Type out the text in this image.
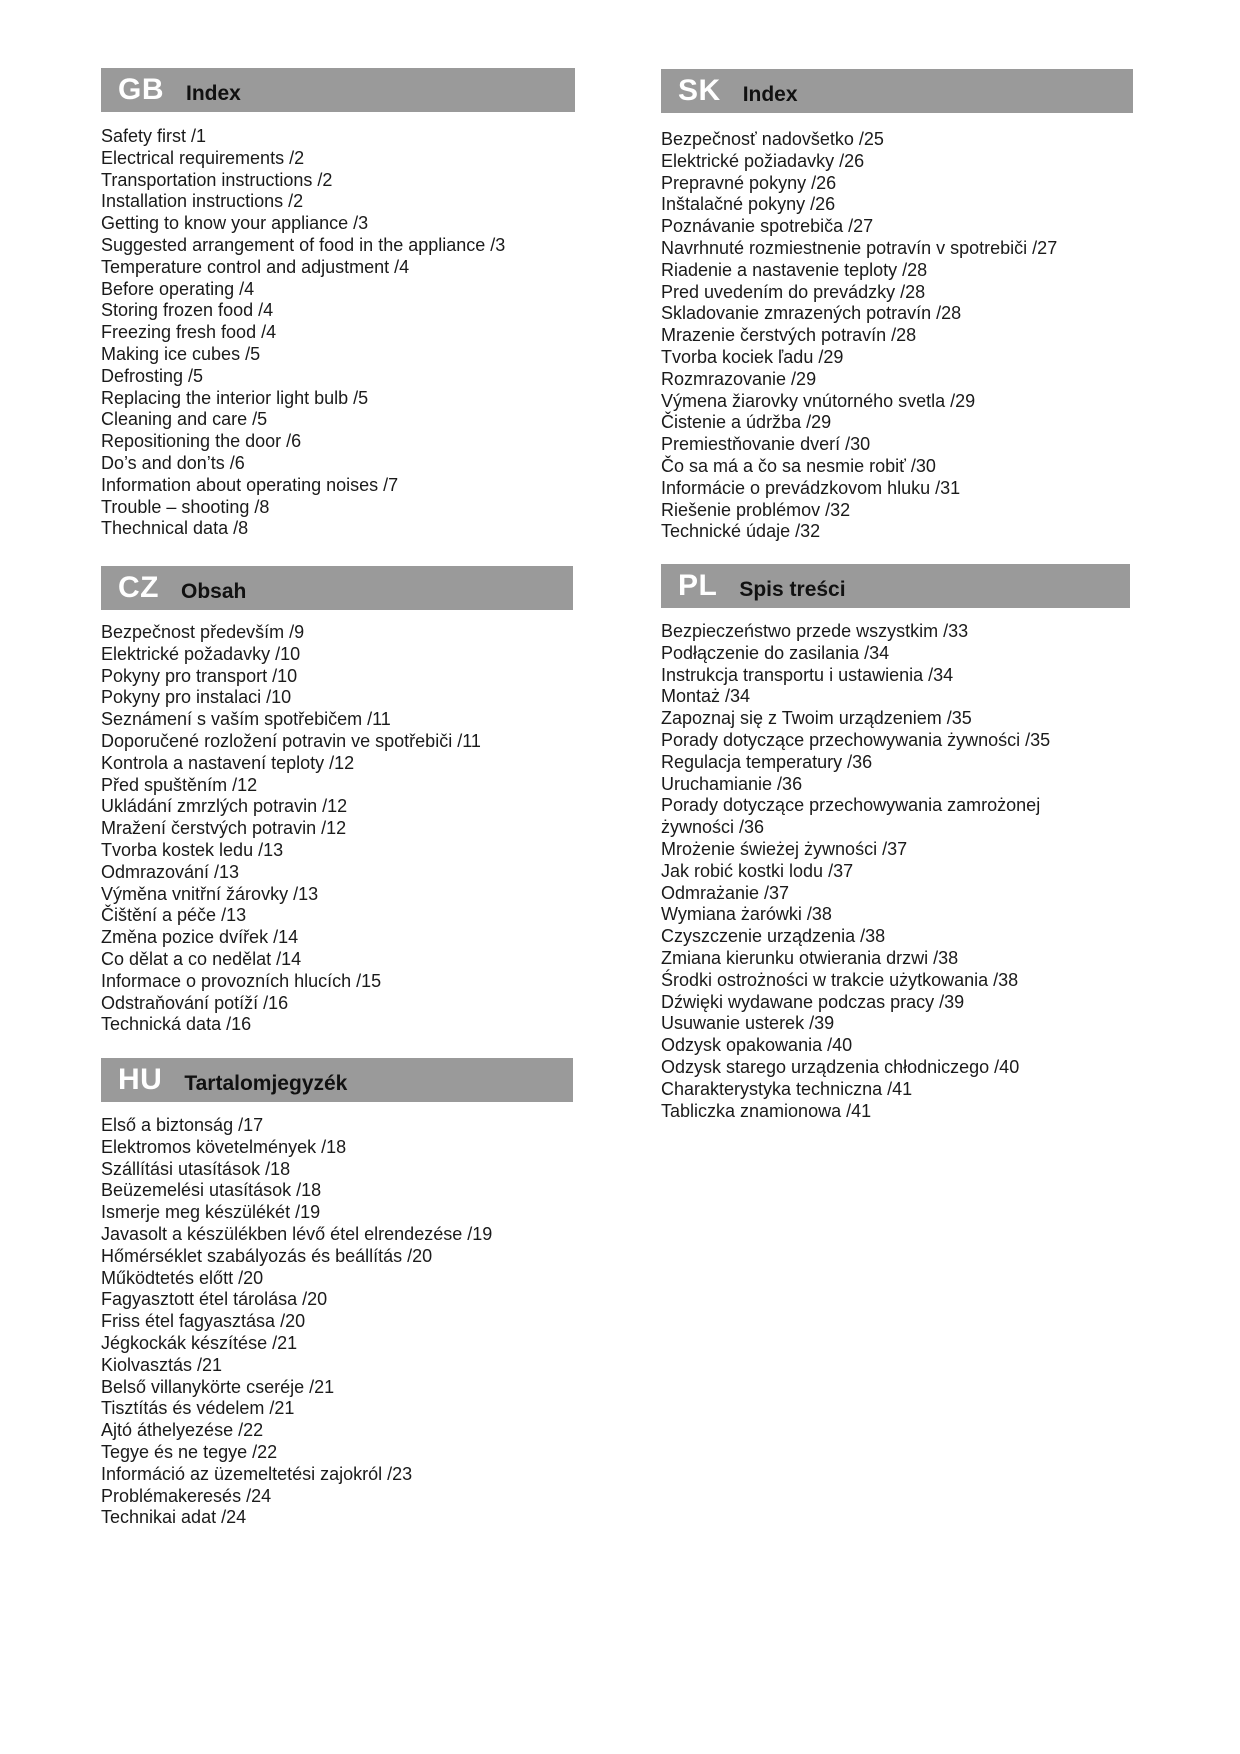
GB Index
Safety first /1
Electrical requirements /2
Transportation instructions /2
Installation instructions /2
Getting to know your appliance /3
Suggested arrangement of food in the appliance /3
Temperature control and adjustment /4
Before operating /4
Storing frozen food /4
Freezing fresh food /4
Making ice cubes /5
Defrosting /5
Replacing the interior light bulb /5
Cleaning and care /5
Repositioning the door /6
Do’s and don’ts /6
Information about operating noises /7
Trouble – shooting /8
Thechnical data /8
CZ Obsah
Bezpečnost především /9
Elektrické požadavky /10
Pokyny pro transport /10
Pokyny pro instalaci /10
Seznámení s vaším spotřebičem /11
Doporučené rozložení potravin ve spotřebiči /11
Kontrola a nastavení teploty /12
Před spuštěním /12
Ukládání zmrzlých potravin /12
Mražení čerstvých potravin /12
Tvorba kostek ledu /13
Odmrazování /13
Výměna vnitřní žárovky /13
Čištění a péče /13
Změna pozice dvířek /14
Co dělat a co nedělat /14
Informace o provozních hlucích /15
Odstraňování potíží /16
Technická data /16
HU Tartalomjegyzék
Első a biztonság /17
Elektromos követelmények /18
Szállítási utasítások /18
Beüzemelési utasítások /18
Ismerje meg készülékét /19
Javasolt a készülékben lévő étel elrendezése /19
Hőmérséklet szabályozás és beállítás /20
Működtetés előtt /20
Fagyasztott étel tárolása /20
Friss étel fagyasztása /20
Jégkockák készítése /21
Kiolvasztás /21
Belső villanykörte cseréje /21
Tisztítás és védelem /21
Ajtó áthelyezése /22
Tegye és ne tegye /22
Információ az üzemeltetési zajokról /23
Problémakeresés /24
Technikai adat /24
SK Index
Bezpečnosť nadovšetko /25
Elektrické požiadavky /26
Prepravné pokyny /26
Inštalačné pokyny /26
Poznávanie spotrebiča /27
Navrhnuté rozmiestnenie potravín v spotrebiči /27
Riadenie a nastavenie teploty /28
Pred uvedením do prevádzky /28
Skladovanie zmrazených potravín /28
Mrazenie čerstvých potravín /28
Tvorba kociek ľadu /29
Rozmrazovanie /29
Výmena žiarovky vnútorného svetla /29
Čistenie a údržba /29
Premiestňovanie dverí /30
Čo sa má a čo sa nesmie robiť /30
Informácie o prevádzkovom hluku /31
Riešenie problémov /32
Technické údaje /32
PL Spis treści
Bezpieczeństwo przede wszystkim /33
Podłączenie do zasilania /34
Instrukcja transportu i ustawienia /34
Montaż /34
Zapoznaj się z Twoim urządzeniem /35
Porady dotyczące przechowywania żywności /35
Regulacja temperatury /36
Uruchamianie /36
Porady dotyczące przechowywania zamrożonej żywności /36
Mrożenie świeżej żywności /37
Jak robić kostki lodu /37
Odmrażanie /37
Wymiana żarówki /38
Czyszczenie urządzenia /38
Zmiana kierunku otwierania drzwi /38
Środki ostrożności w trakcie użytkowania /38
Dźwięki wydawane podczas pracy /39
Usuwanie usterek /39
Odzysk opakowania /40
Odzysk starego urządzenia chłodniczego /40
Charakterystyka techniczna /41
Tabliczka znamionowa /41
